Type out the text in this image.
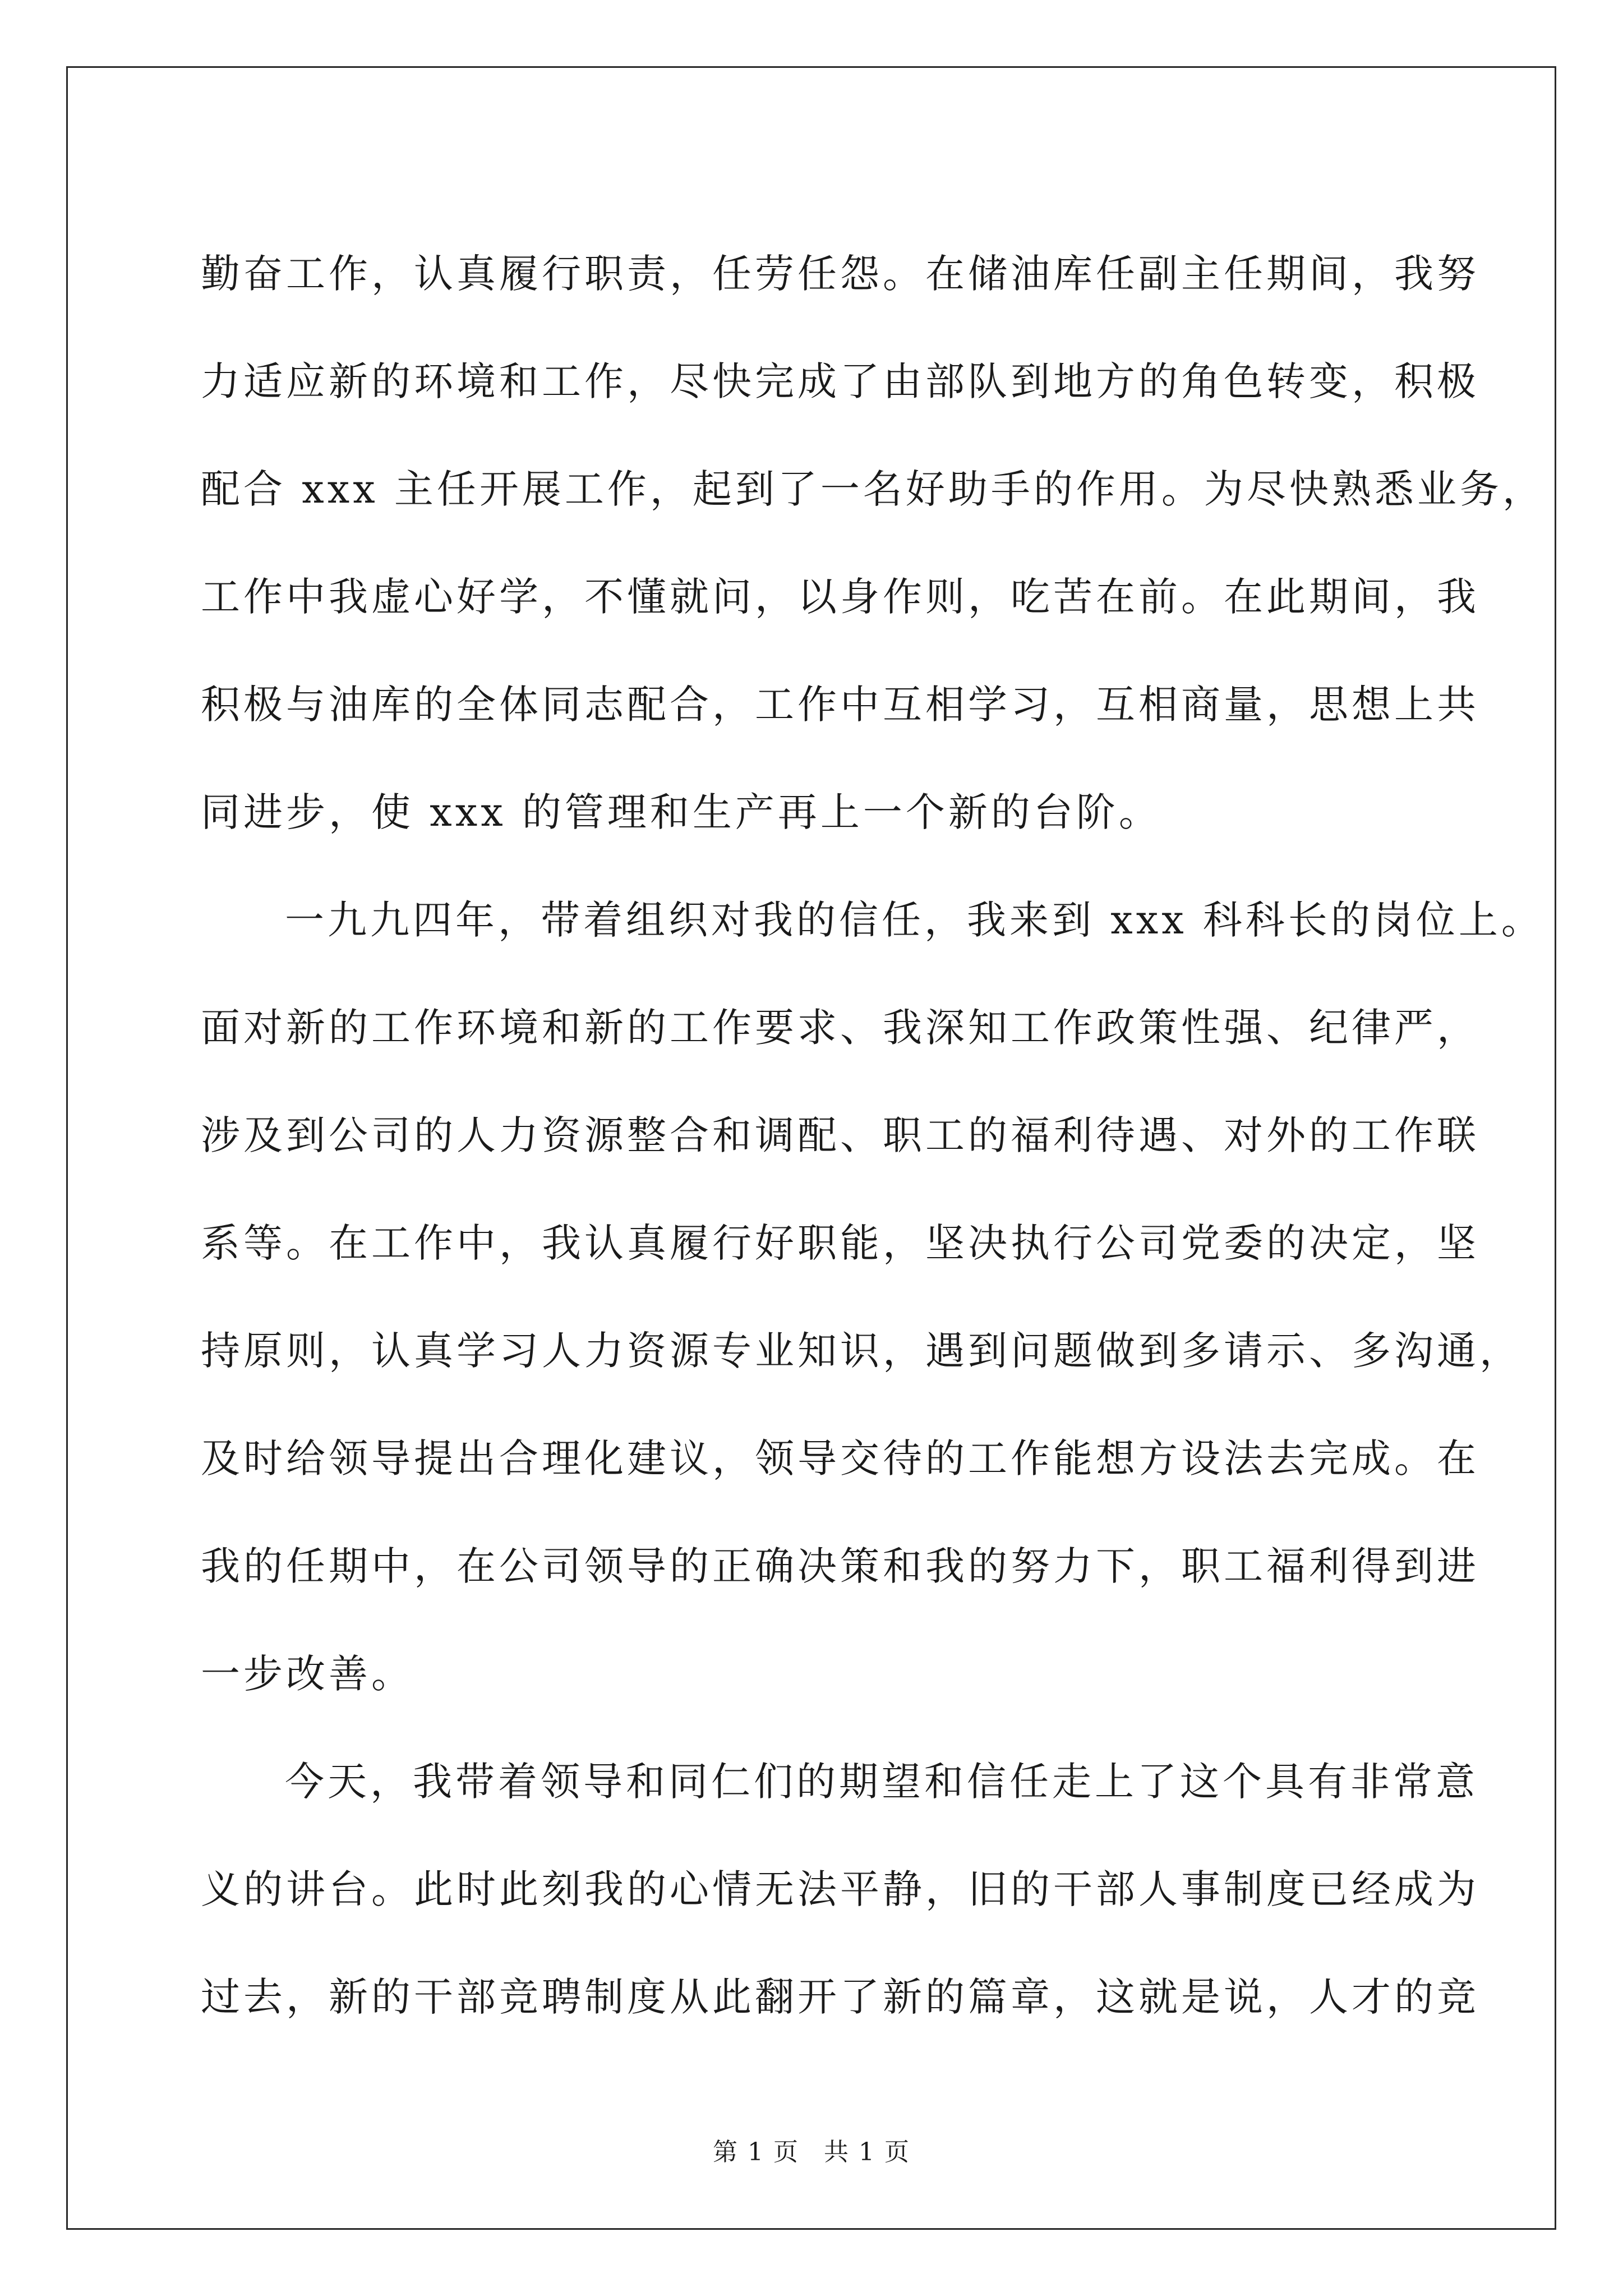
勤奋工作，认真履行职责，任劳任怨。在储油库任副主任期间，我努
力适应新的环境和工作，尽快完成了由部队到地方的角色转变，积极
配合 xxx 主任开展工作，起到了一名好助手的作用。为尽快熟悉业务，
工作中我虚心好学，不懂就问，以身作则，吃苦在前。在此期间，我
积极与油库的全体同志配合，工作中互相学习，互相商量，思想上共
同进步，使 xxx 的管理和生产再上一个新的台阶。

一九九四年，带着组织对我的信任，我来到 xxx 科科长的岗位上。
面对新的工作环境和新的工作要求、我深知工作政策性强、纪律严，
涉及到公司的人力资源整合和调配、职工的福利待遇、对外的工作联
系等。在工作中，我认真履行好职能，坚决执行公司党委的决定，坚
持原则，认真学习人力资源专业知识，遇到问题做到多请示、多沟通，
及时给领导提出合理化建议，领导交待的工作能想方设法去完成。在
我的任期中，在公司领导的正确决策和我的努力下，职工福利得到进
一步改善。

今天，我带着领导和同仁们的期望和信任走上了这个具有非常意
义的讲台。此时此刻我的心情无法平静，旧的干部人事制度已经成为
过去，新的干部竞聘制度从此翻开了新的篇章，这就是说，人才的竞

第 1 页 共 1 页
